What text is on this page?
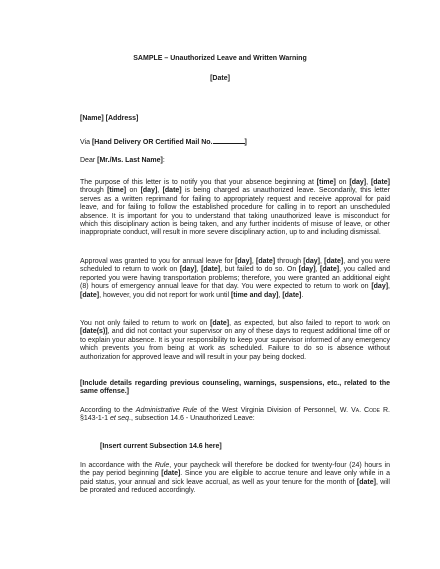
SAMPLE – Unauthorized Leave and Written Warning
[Date]
[Name] [Address]
Via [Hand Delivery OR Certified Mail No.	]
Dear [Mr./Ms. Last Name]:

The purpose of this letter is to notify you that your absence beginning at [time] on [day], [date] through [time] on [day], [date] is being charged as unauthorized leave. Secondarily, this letter serves as a written reprimand for failing to appropriately request and receive approval for paid leave, and for failing to follow the established procedure for calling in to report an unscheduled absence. It is important for you to understand that taking unauthorized leave is misconduct for which this disciplinary action is being taken, and any further incidents of misuse of leave, or other inappropriate conduct, will result in more severe disciplinary action, up to and including dismissal.

Approval was granted to you for annual leave for [day], [date] through [day], [date], and you were scheduled to return to work on [day], [date], but failed to do so. On [day], [date], you called and reported you were having transportation problems; therefore, you were granted an additional eight (8) hours of emergency annual leave for that day. You were expected to return to work on [day], [date], however, you did not report for work until [time and day], [date].

You not only failed to return to work on [date], as expected, but also failed to report to work on [date(s)], and did not contact your supervisor on any of these days to request additional time off or to explain your absence. It is your responsibility to keep your supervisor informed of any emergency which prevents you from being at work as scheduled. Failure to do so is absence without authorization for approved leave and will result in your pay being docked.

[Include details regarding previous counseling, warnings, suspensions, etc., related to the same offense.]

According to the Administrative Rule of the West Virginia Division of Personnel, W. Va. Code R. §143-1-1 et seq., subsection 14.6 - Unauthorized Leave:

[Insert current Subsection 14.6 here]

In accordance with the Rule, your paycheck will therefore be docked for twenty-four (24) hours in the pay period beginning [date]. Since you are eligible to accrue tenure and leave only while in a paid status, your annual and sick leave accrual, as well as your tenure for the month of [date], will be prorated and reduced accordingly.
